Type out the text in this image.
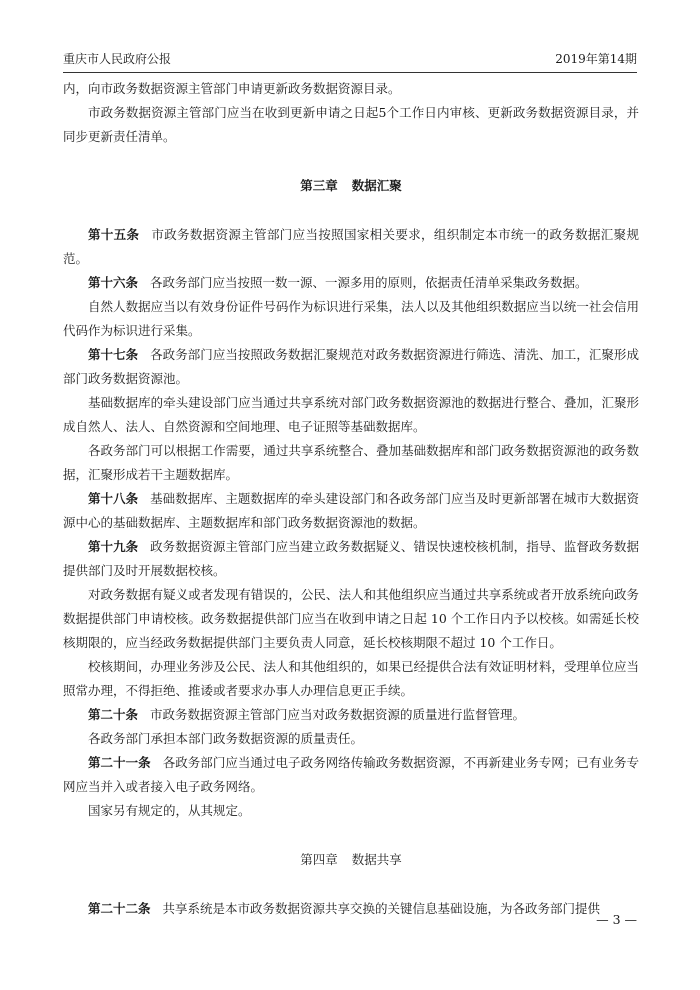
重庆市人民政府公报	2019年第14期

内，向市政务数据资源主管部门申请更新政务数据资源目录。

市政务数据资源主管部门应当在收到更新申请之日起5个工作日内审核、更新政务数据资源目录，并同步更新责任清单。

第三章 数据汇聚

第十五条 市政务数据资源主管部门应当按照国家相关要求，组织制定本市统一的政务数据汇聚规范。

第十六条 各政务部门应当按照一数一源、一源多用的原则，依据责任清单采集政务数据。

自然人数据应当以有效身份证件号码作为标识进行采集，法人以及其他组织数据应当以统一社会信用代码作为标识进行采集。

第十七条 各政务部门应当按照政务数据汇聚规范对政务数据资源进行筛选、清洗、加工，汇聚形成部门政务数据资源池。

基础数据库的牵头建设部门应当通过共享系统对部门政务数据资源池的数据进行整合、叠加，汇聚形成自然人、法人、自然资源和空间地理、电子证照等基础数据库。

各政务部门可以根据工作需要，通过共享系统整合、叠加基础数据库和部门政务数据资源池的政务数据，汇聚形成若干主题数据库。

第十八条 基础数据库、主题数据库的牵头建设部门和各政务部门应当及时更新部署在城市大数据资源中心的基础数据库、主题数据库和部门政务数据资源池的数据。

第十九条 政务数据资源主管部门应当建立政务数据疑义、错误快速校核机制，指导、监督政务数据提供部门及时开展数据校核。

对政务数据有疑义或者发现有错误的，公民、法人和其他组织应当通过共享系统或者开放系统向政务数据提供部门申请校核。政务数据提供部门应当在收到申请之日起 10 个工作日内予以校核。如需延长校核期限的，应当经政务数据提供部门主要负责人同意，延长校核期限不超过 10 个工作日。

校核期间，办理业务涉及公民、法人和其他组织的，如果已经提供合法有效证明材料，受理单位应当照常办理，不得拒绝、推诿或者要求办事人办理信息更正手续。

第二十条 市政务数据资源主管部门应当对政务数据资源的质量进行监督管理。

各政务部门承担本部门政务数据资源的质量责任。

第二十一条 各政务部门应当通过电子政务网络传输政务数据资源，不再新建业务专网；已有业务专网应当并入或者接入电子政务网络。

国家另有规定的，从其规定。

第四章 数据共享

第二十二条 共享系统是本市政务数据资源共享交换的关键信息基础设施，为各政务部门提供

— 3 —
